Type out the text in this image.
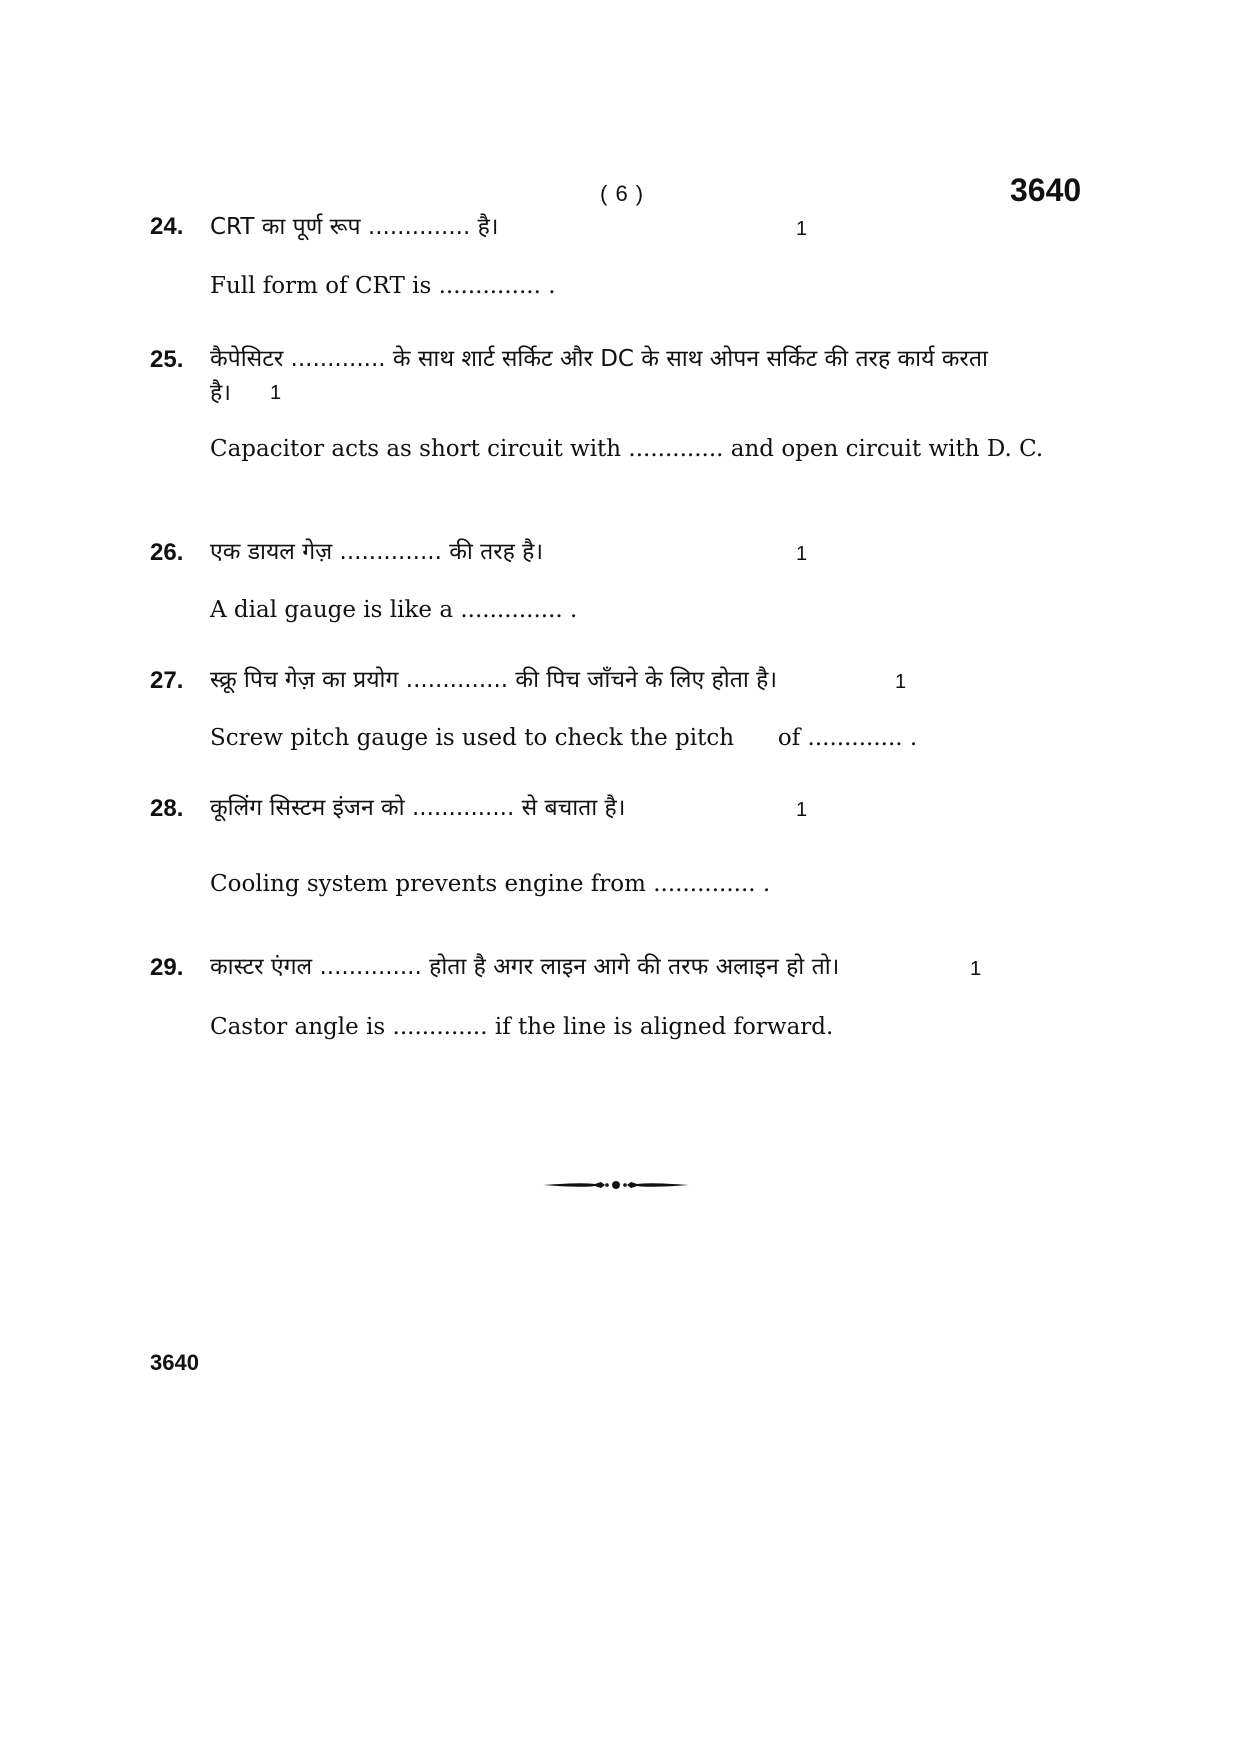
( 6 )	3640
24. CRT का पूर्ण रूप .............. है।	1
Full form of CRT is .............. .
25. कैपेसिटर ............. के साथ शार्ट सर्किट और DC के साथ ओपन सर्किट की तरह कार्य करता
है। 1
Capacitor acts as short circuit with ............. and open circuit with D. C.
26. एक डायल गेज़ .............. की तरह है।	1
A dial gauge is like a .............. .
27. स्क्रू पिच गेज़ का प्रयोग .............. की पिच जाँचने के लिए होता है।	1
Screw pitch gauge is used to check the pitch      of ............. .
28. कूलिंग सिस्टम इंजन को .............. से बचाता है।	1
Cooling system prevents engine from .............. .
29. कास्टर एंगल .............. होता है अगर लाइन आगे की तरफ अलाइन हो तो।	1
Castor angle is ............. if the line is aligned forward.
3640
